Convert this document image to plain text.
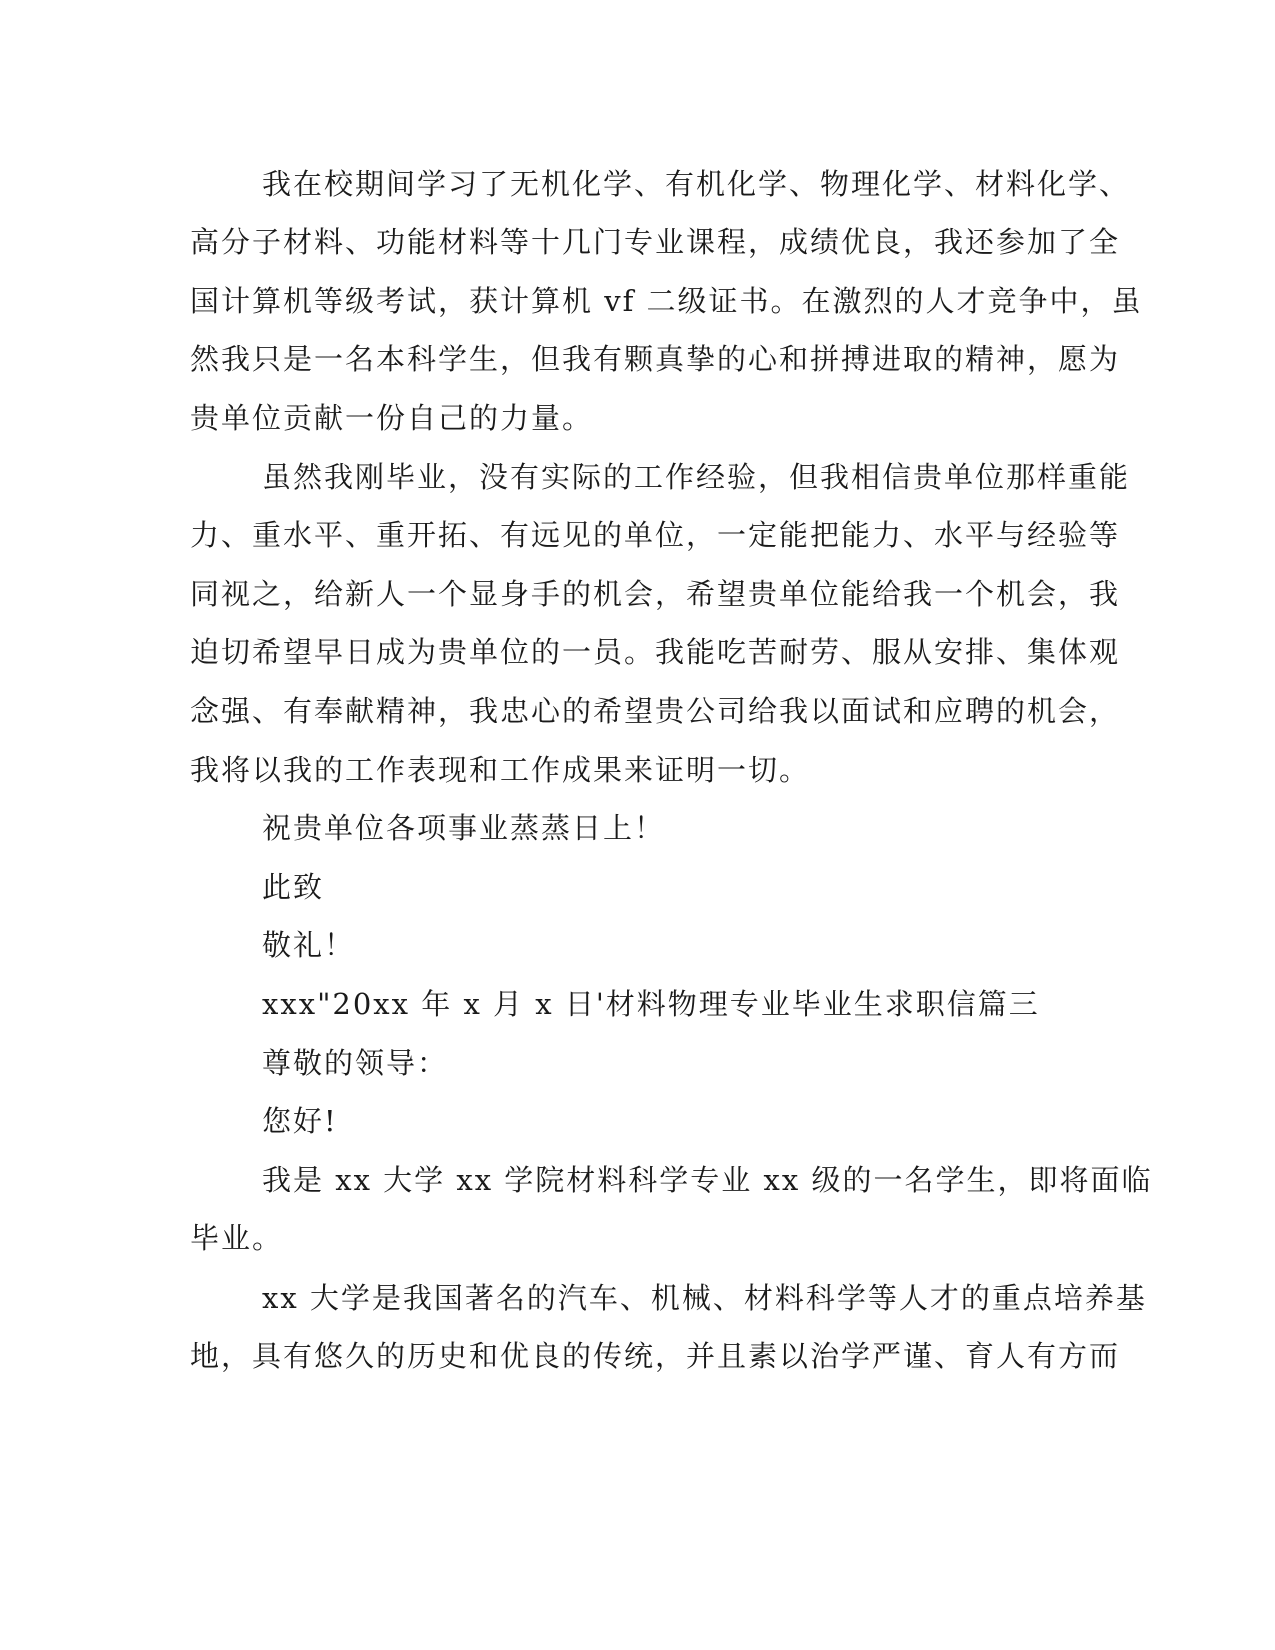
我在校期间学习了无机化学、有机化学、物理化学、材料化学、
高分子材料、功能材料等十几门专业课程，成绩优良，我还参加了全
国计算机等级考试，获计算机 vf 二级证书。在激烈的人才竞争中，虽
然我只是一名本科学生，但我有颗真挚的心和拼搏进取的精神，愿为
贵单位贡献一份自己的力量。
虽然我刚毕业，没有实际的工作经验，但我相信贵单位那样重能
力、重水平、重开拓、有远见的单位，一定能把能力、水平与经验等
同视之，给新人一个显身手的机会，希望贵单位能给我一个机会，我
迫切希望早日成为贵单位的一员。我能吃苦耐劳、服从安排、集体观
念强、有奉献精神，我忠心的希望贵公司给我以面试和应聘的机会，
我将以我的工作表现和工作成果来证明一切。
祝贵单位各项事业蒸蒸日上！
此致
敬礼！
xxx"20xx 年 x 月 x 日'材料物理专业毕业生求职信篇三
尊敬的领导：
您好!
我是 xx 大学 xx 学院材料科学专业 xx 级的一名学生，即将面临
毕业。
xx 大学是我国著名的汽车、机械、材料科学等人才的重点培养基
地，具有悠久的历史和优良的传统，并且素以治学严谨、育人有方而
